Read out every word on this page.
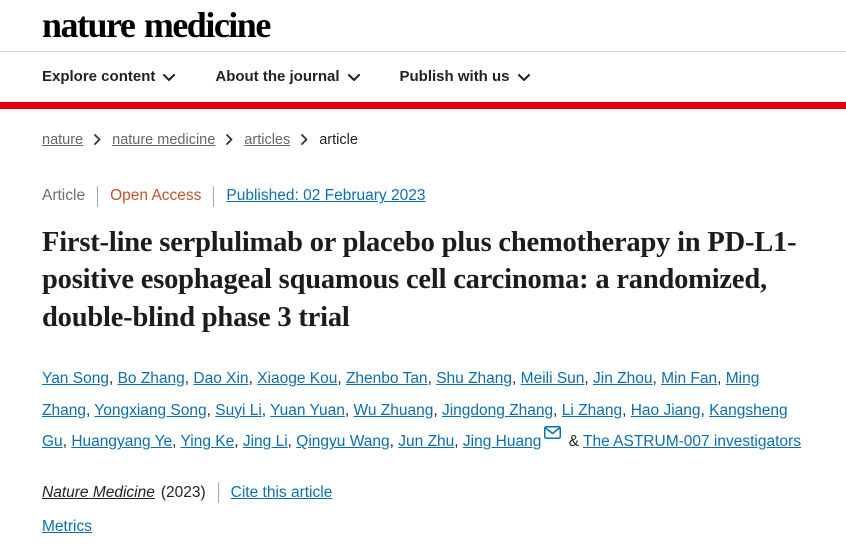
nature medicine
Explore content	About the journal	Publish with us
nature nature medicine articles article
Article Open Access Published: 02 February 2023
First-line serplulimab or placebo plus chemotherapy in PD-L1-positive esophageal squamous cell carcinoma: a randomized, double-blind phase 3 trial

Yan Song, Bo Zhang, Dao Xin, Xiaoge Kou, Zhenbo Tan, Shu Zhang, Meili Sun, Jin Zhou, Min Fan, Ming Zhang, Yongxiang Song, Suyi Li, Yuan Yuan, Wu Zhuang, Jingdong Zhang, Li Zhang, Hao Jiang, Kangsheng Gu, Huangyang Ye, Ying Ke, Jing Li, Qingyu Wang, Jun Zhu, Jing Huang & The ASTRUM-007 investigators

Nature Medicine (2023) Cite this article
Metrics
